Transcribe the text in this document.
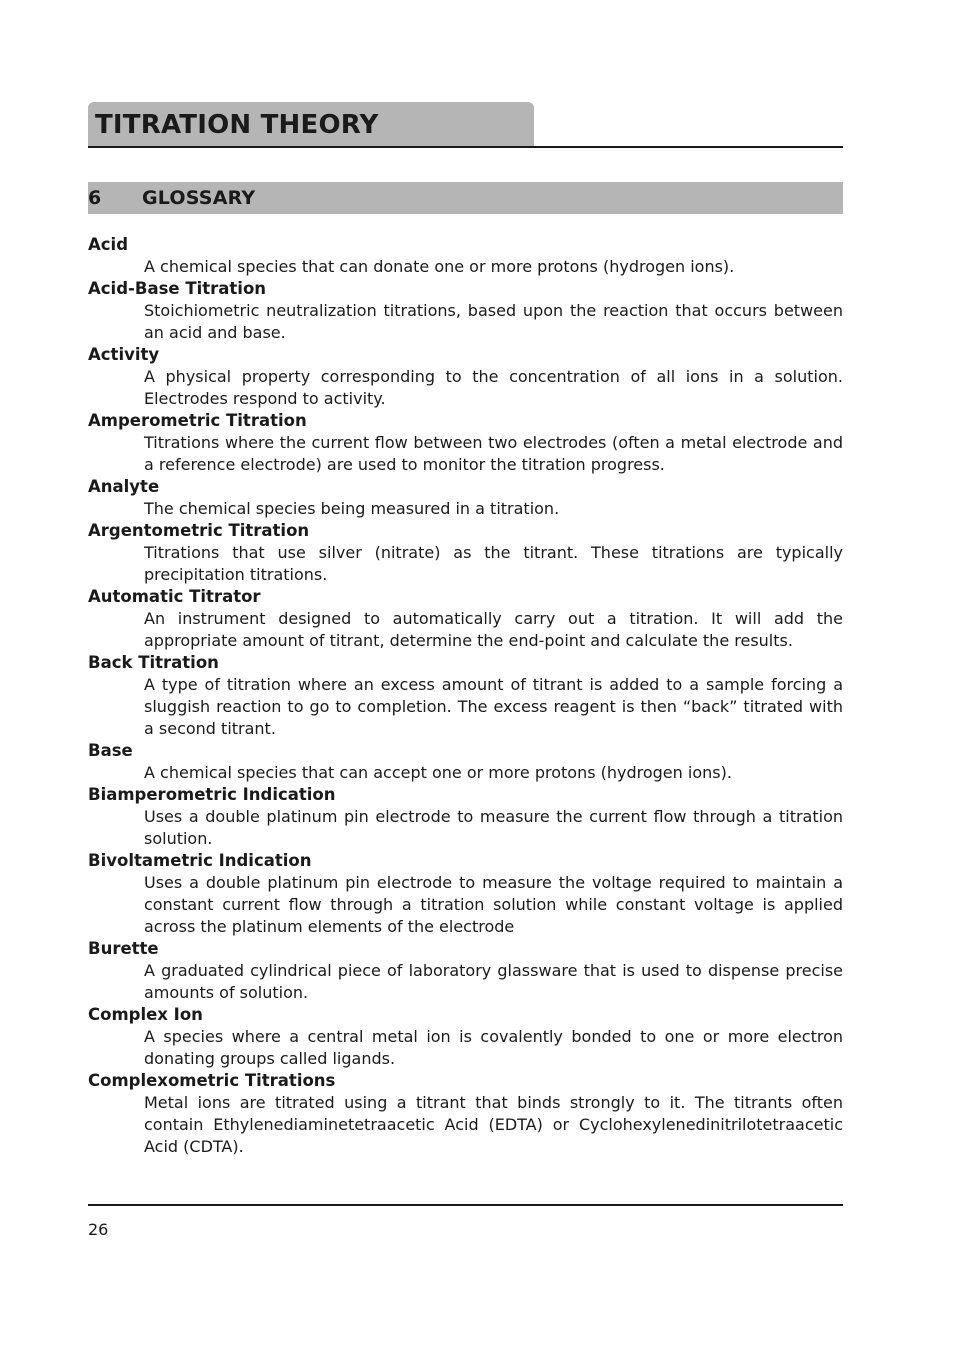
TITRATION THEORY
6 GLOSSARY

Acid

A chemical species that can donate one or more protons (hydrogen ions).

Acid-Base Titration

Stoichiometric neutralization titrations, based upon the reaction that occurs between an acid and base.

Activity

A physical property corresponding to the concentration of all ions in a solution. Electrodes respond to activity.

Amperometric Titration

Titrations where the current flow between two electrodes (often a metal electrode and a reference electrode) are used to monitor the titration progress.

Analyte

The chemical species being measured in a titration.

Argentometric Titration

Titrations that use silver (nitrate) as the titrant. These titrations are typically precipitation titrations.

Automatic Titrator

An instrument designed to automatically carry out a titration. It will add the appropriate amount of titrant, determine the end-point and calculate the results.

Back Titration

A type of titration where an excess amount of titrant is added to a sample forcing a sluggish reaction to go to completion. The excess reagent is then “back” titrated with a second titrant.

Base

A chemical species that can accept one or more protons (hydrogen ions).

Biamperometric Indication

Uses a double platinum pin electrode to measure the current flow through a titration solution.

Bivoltametric Indication

Uses a double platinum pin electrode to measure the voltage required to maintain a constant current flow through a titration solution while constant voltage is applied across the platinum elements of the electrode

Burette

A graduated cylindrical piece of laboratory glassware that is used to dispense precise amounts of solution.

Complex Ion

A species where a central metal ion is covalently bonded to one or more electron donating groups called ligands.

Complexometric Titrations

Metal ions are titrated using a titrant that binds strongly to it. The titrants often contain Ethylenediaminetetraacetic Acid (EDTA) or Cyclohexylenedinitrilotetraacetic Acid (CDTA).

26
